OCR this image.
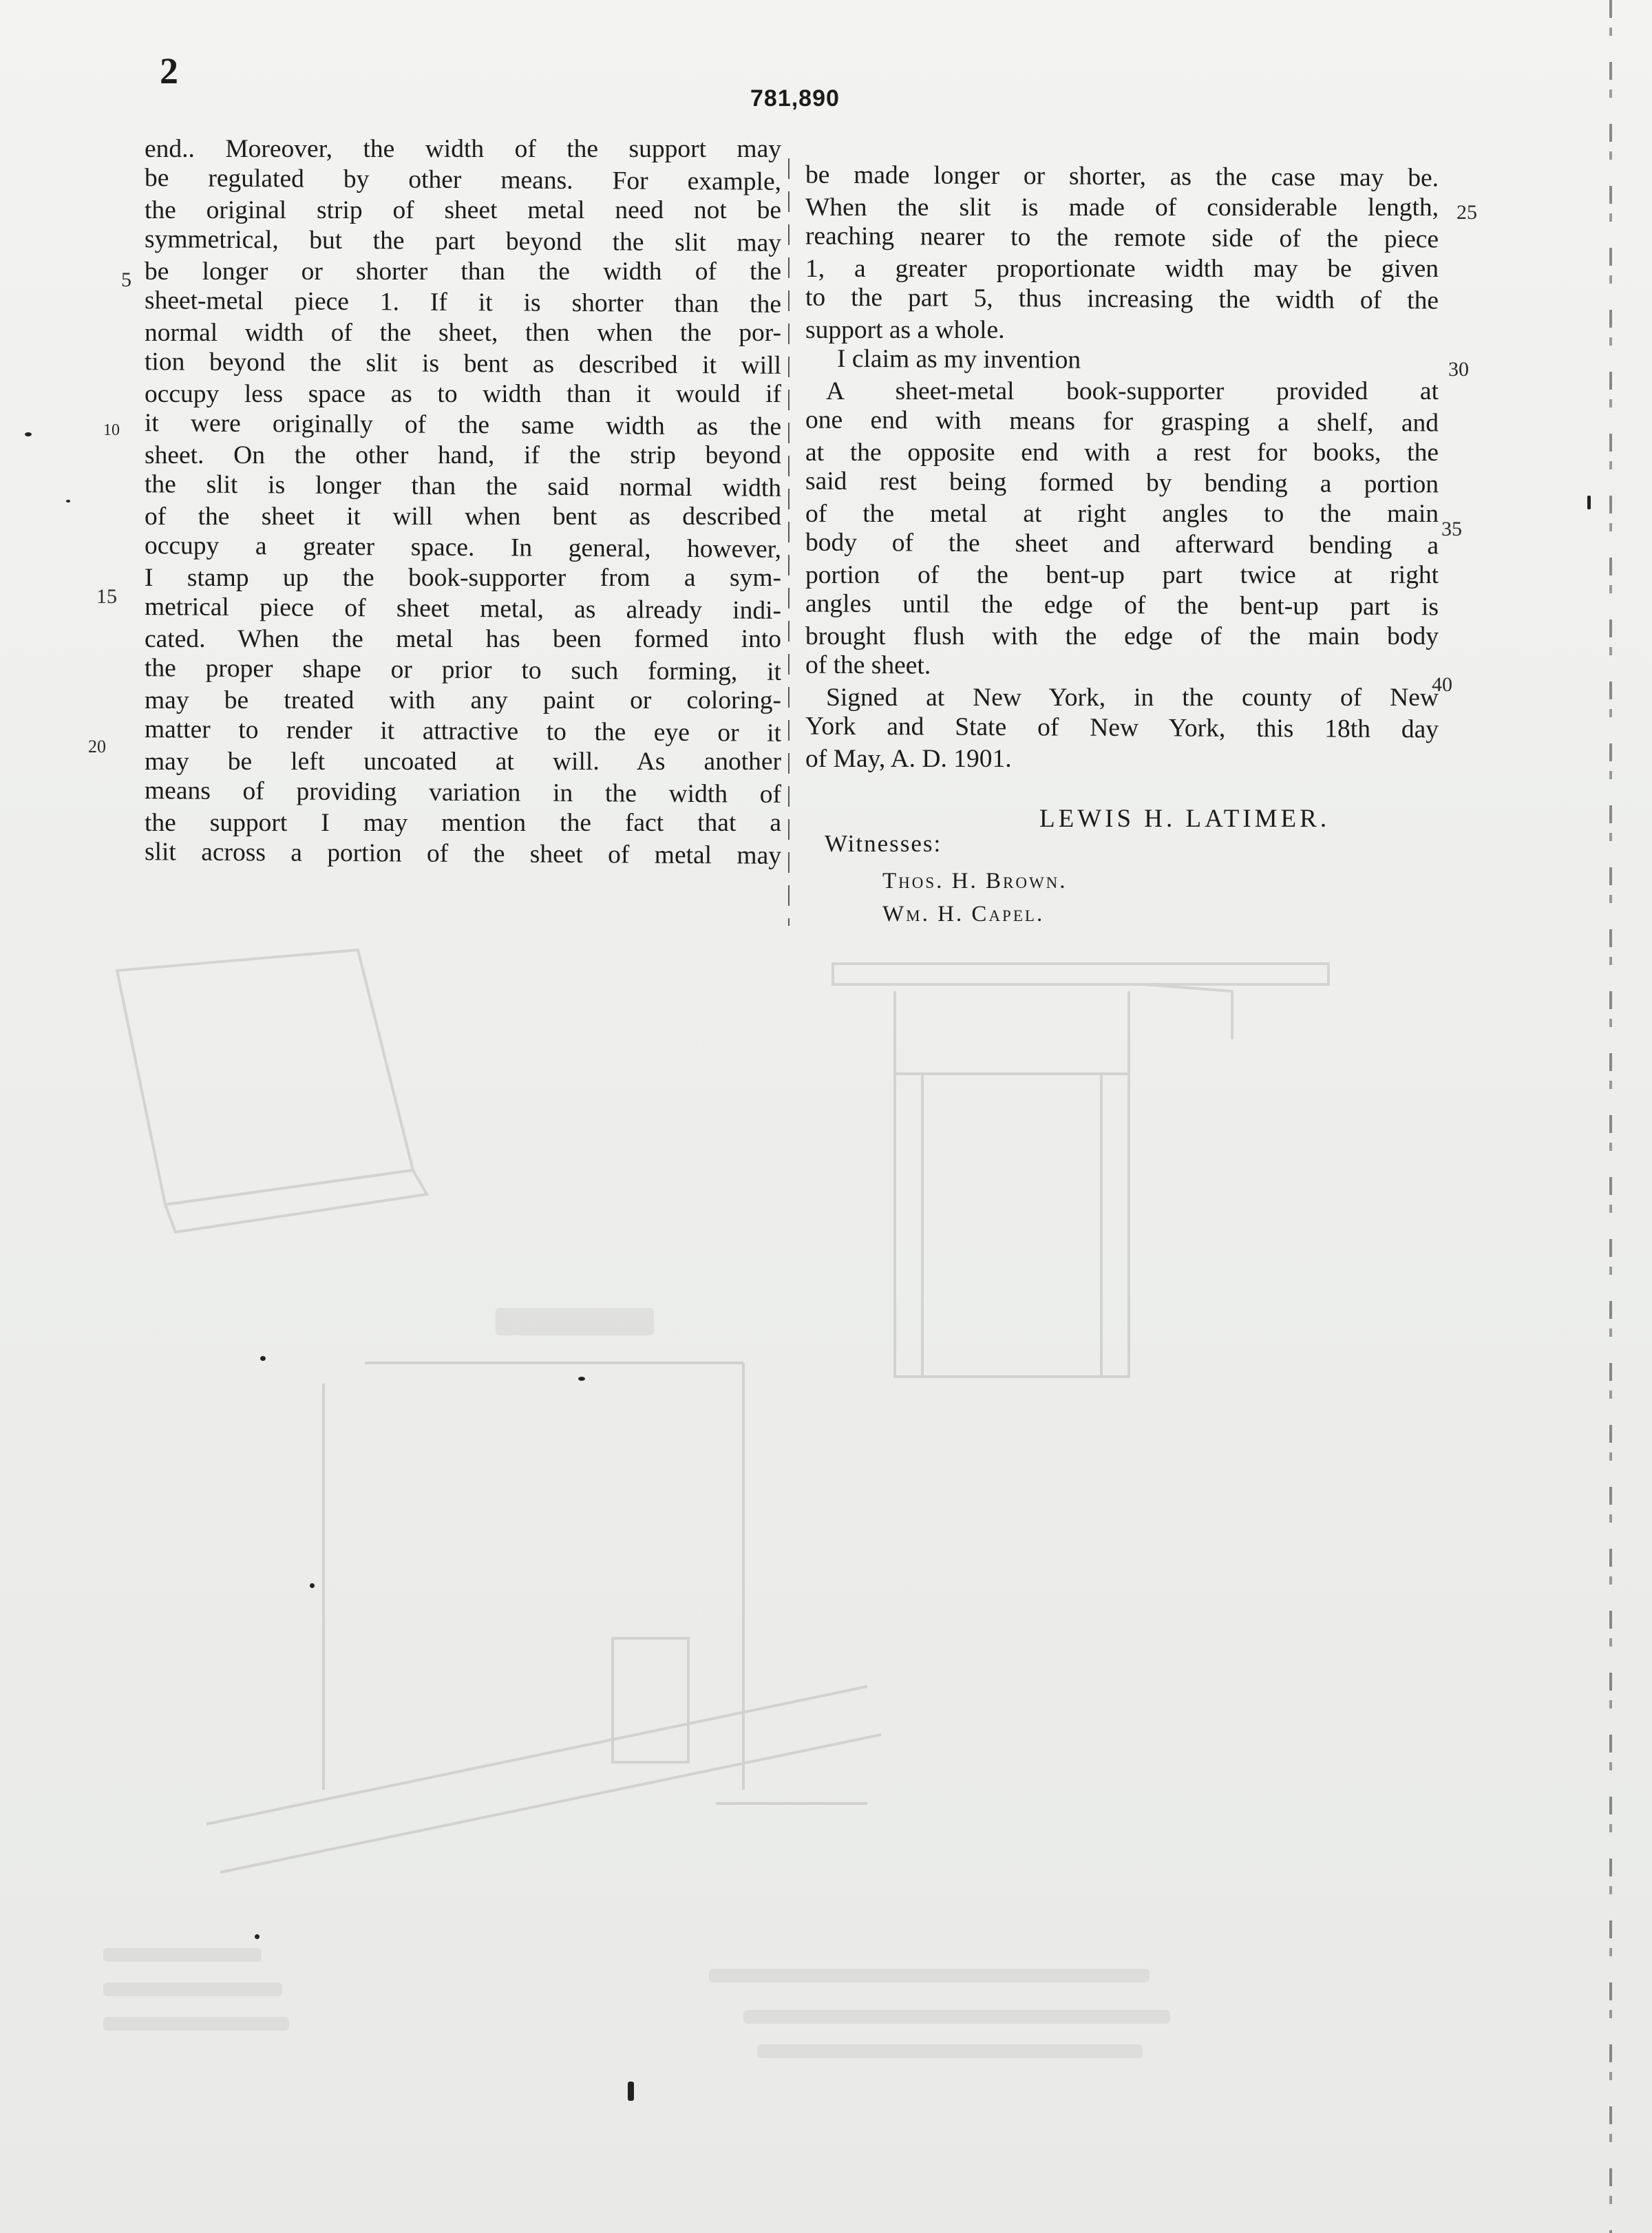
2
781,890
end.. Moreover, the width of the support may
be regulated by other means. For example,
the original strip of sheet metal need not be
symmetrical, but the part beyond the slit may
be longer or shorter than the width of the
sheet-metal piece 1. If it is shorter than the
normal width of the sheet, then when the por-
tion beyond the slit is bent as described it will
occupy less space as to width than it would if
it were originally of the same width as the
sheet. On the other hand, if the strip beyond
the slit is longer than the said normal width
of the sheet it will when bent as described
occupy a greater space. In general, however,
I stamp up the book-supporter from a sym-
metrical piece of sheet metal, as already indi-
cated. When the metal has been formed into
the proper shape or prior to such forming, it
may be treated with any paint or coloring-
matter to render it attractive to the eye or it
may be left uncoated at will. As another
means of providing variation in the width of
the support I may mention the fact that a
slit across a portion of the sheet of metal may
be made longer or shorter, as the case may be.
When the slit is made of considerable length,
reaching nearer to the remote side of the piece
1, a greater proportionate width may be given
to the part 5, thus increasing the width of the
support as a whole.
I claim as my invention
A sheet-metal book-supporter provided at
one end with means for grasping a shelf, and
at the opposite end with a rest for books, the
said rest being formed by bending a portion
of the metal at right angles to the main
body of the sheet and afterward bending a
portion of the bent-up part twice at right
angles until the edge of the bent-up part is
brought flush with the edge of the main body
of the sheet.
Signed at New York, in the county of New
York and State of New York, this 18th day
of May, A. D. 1901.
5
10
15
20
25
30
35
40
LEWIS H. LATIMER.
Witnesses:
Thos. H. Brown.
Wm. H. Capel.
